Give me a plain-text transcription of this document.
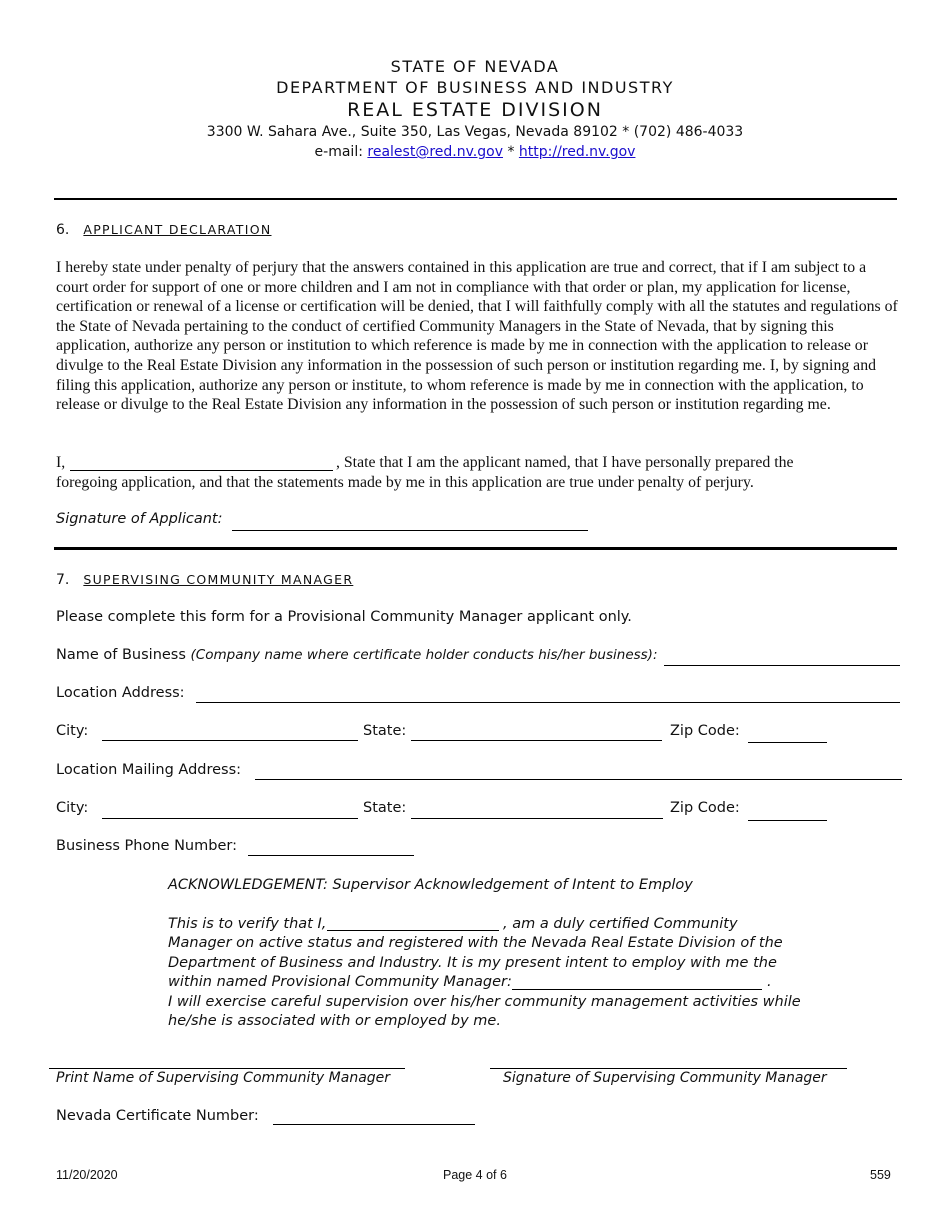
STATE OF NEVADA
DEPARTMENT OF BUSINESS AND INDUSTRY
REAL ESTATE DIVISION
3300 W. Sahara Ave., Suite 350, Las Vegas, Nevada 89102 * (702) 486-4033
e-mail: realest@red.nv.gov * http://red.nv.gov
6. APPLICANT DECLARATION
I hereby state under penalty of perjury that the answers contained in this application are true and correct, that if I am subject to a court order for support of one or more children and I am not in compliance with that order or plan, my application for license, certification or renewal of a license or certification will be denied, that I will faithfully comply with all the statutes and regulations of the State of Nevada pertaining to the conduct of certified Community Managers in the State of Nevada, that by signing this application, authorize any person or institution to which reference is made by me in connection with the application to release or divulge to the Real Estate Division any information in the possession of such person or institution regarding me. I, by signing and filing this application, authorize any person or institute, to whom reference is made by me in connection with the application, to release or divulge to the Real Estate Division any information in the possession of such person or institution regarding me.
I,	, State that I am the applicant named, that I have personally prepared the
foregoing application, and that the statements made by me in this application are true under penalty of perjury.
Signature of Applicant:
7. SUPERVISING COMMUNITY MANAGER
Please complete this form for a Provisional Community Manager applicant only.
Name of Business (Company name where certificate holder conducts his/her business):
Location Address:
City:	State:	Zip Code:
Location Mailing Address:
City:	State:	Zip Code:
Business Phone Number:
ACKNOWLEDGEMENT: Supervisor Acknowledgement of Intent to Employ
This is to verify that I,	, am a duly certified Community
Manager on active status and registered with the Nevada Real Estate Division of the
Department of Business and Industry. It is my present intent to employ with me the
within named Provisional Community Manager:	.
I will exercise careful supervision over his/her community management activities while
he/she is associated with or employed by me.
Print Name of Supervising Community Manager	Signature of Supervising Community Manager
Nevada Certificate Number:
11/20/2020	Page 4 of 6	559
